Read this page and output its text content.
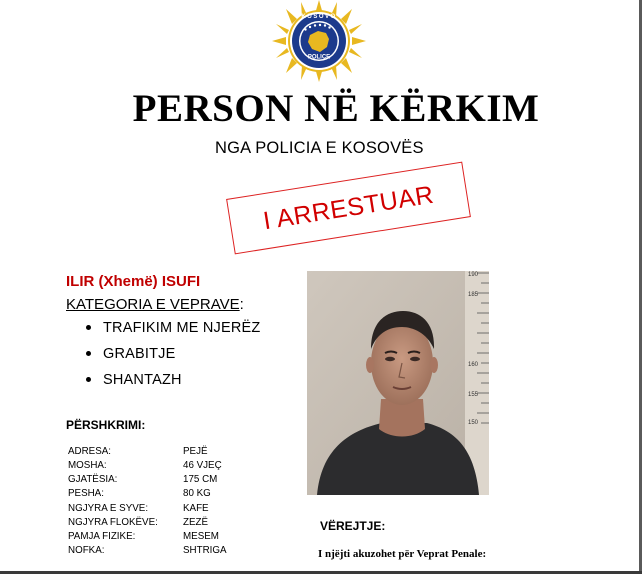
POLICE
KOSOVO
PERSON NË KËRKIM
NGA POLICIA E KOSOVËS
I ARRESTUAR
ILIR (Xhemë) ISUFI
KATEGORIA E VEPRAVE:
TRAFIKIM ME NJERËZ
GRABITJE
SHANTAZH
PËRSHKRIMI:
ADRESA:	PEJË
MOSHA:	46 VJEÇ
GJATËSIA:	175 CM
PESHA:	80 KG
NGJYRA E SYVE:	KAFE
NGJYRA FLOKËVE:	ZEZË
PAMJA FIZIKE:	MESEM
NOFKA:	SHTRIGA
190
185
160
155
150
VËREJTJE:
I njëjti akuzohet për Veprat Penale:
